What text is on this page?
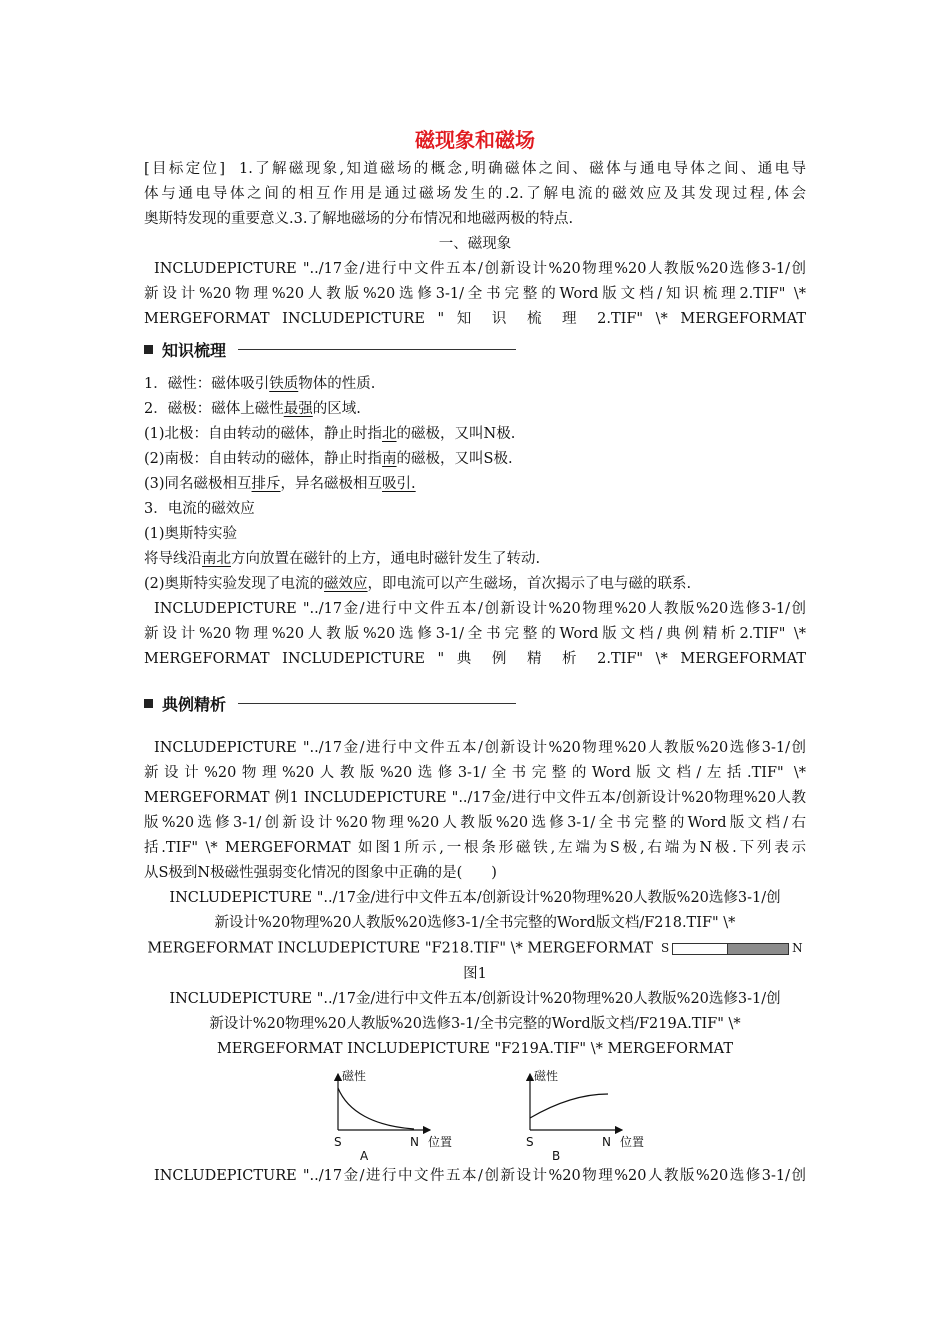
磁现象和磁场

[目标定位] 1.了解磁现象,知道磁场的概念,明确磁体之间、磁体与通电导体之间、通电导

体与通电导体之间的相互作用是通过磁场发生的.2.了解电流的磁效应及其发现过程,体会

奥斯特发现的重要意义.3.了解地磁场的分布情况和地磁两极的特点.

一、磁现象

INCLUDEPICTURE "../17金/进行中文件五本/创新设计%20物理%20人教版%20选修3-1/创

新设计%20物理%20人教版%20选修3-1/全书完整的Word版文档/知识梳理2.TIF" \*

MERGEFORMAT INCLUDEPICTURE " 知 识 梳 理 2.TIF" \* MERGEFORMAT

知识梳理

1．磁性：磁体吸引铁质物体的性质.

2．磁极：磁体上磁性最强的区域.

(1)北极：自由转动的磁体，静止时指北的磁极，又叫N极.

(2)南极：自由转动的磁体，静止时指南的磁极，又叫S极.

(3)同名磁极相互排斥，异名磁极相互吸引.

3．电流的磁效应

(1)奥斯特实验

将导线沿南北方向放置在磁针的上方，通电时磁针发生了转动.

(2)奥斯特实验发现了电流的磁效应，即电流可以产生磁场，首次揭示了电与磁的联系.

INCLUDEPICTURE "../17金/进行中文件五本/创新设计%20物理%20人教版%20选修3-1/创

新设计%20物理%20人教版%20选修3-1/全书完整的Word版文档/典例精析2.TIF" \*

MERGEFORMAT INCLUDEPICTURE " 典 例 精 析 2.TIF" \* MERGEFORMAT

典例精析

INCLUDEPICTURE "../17金/进行中文件五本/创新设计%20物理%20人教版%20选修3-1/创

新设计%20物理%20人教版%20选修3-1/全书完整的Word版文档/左括.TIF" \*

MERGEFORMAT 例1 INCLUDEPICTURE "../17金/进行中文件五本/创新设计%20物理%20人教

版%20选修3-1/创新设计%20物理%20人教版%20选修3-1/全书完整的Word版文档/右

括.TIF" \* MERGEFORMAT 如图1所示,一根条形磁铁,左端为S极,右端为N极.下列表示

从S极到N极磁性强弱变化情况的图象中正确的是(　　)

INCLUDEPICTURE "../17金/进行中文件五本/创新设计%20物理%20人教版%20选修3-1/创

新设计%20物理%20人教版%20选修3-1/全书完整的Word版文档/F218.TIF" \*

MERGEFORMAT INCLUDEPICTURE "F218.TIF" \* MERGEFORMAT S	N

图1

INCLUDEPICTURE "../17金/进行中文件五本/创新设计%20物理%20人教版%20选修3-1/创

新设计%20物理%20人教版%20选修3-1/全书完整的Word版文档/F219A.TIF" \*

MERGEFORMAT INCLUDEPICTURE "F219A.TIF" \* MERGEFORMAT

磁性
S	N 位置
A
磁性
S	N 位置
B

INCLUDEPICTURE "../17金/进行中文件五本/创新设计%20物理%20人教版%20选修3-1/创
